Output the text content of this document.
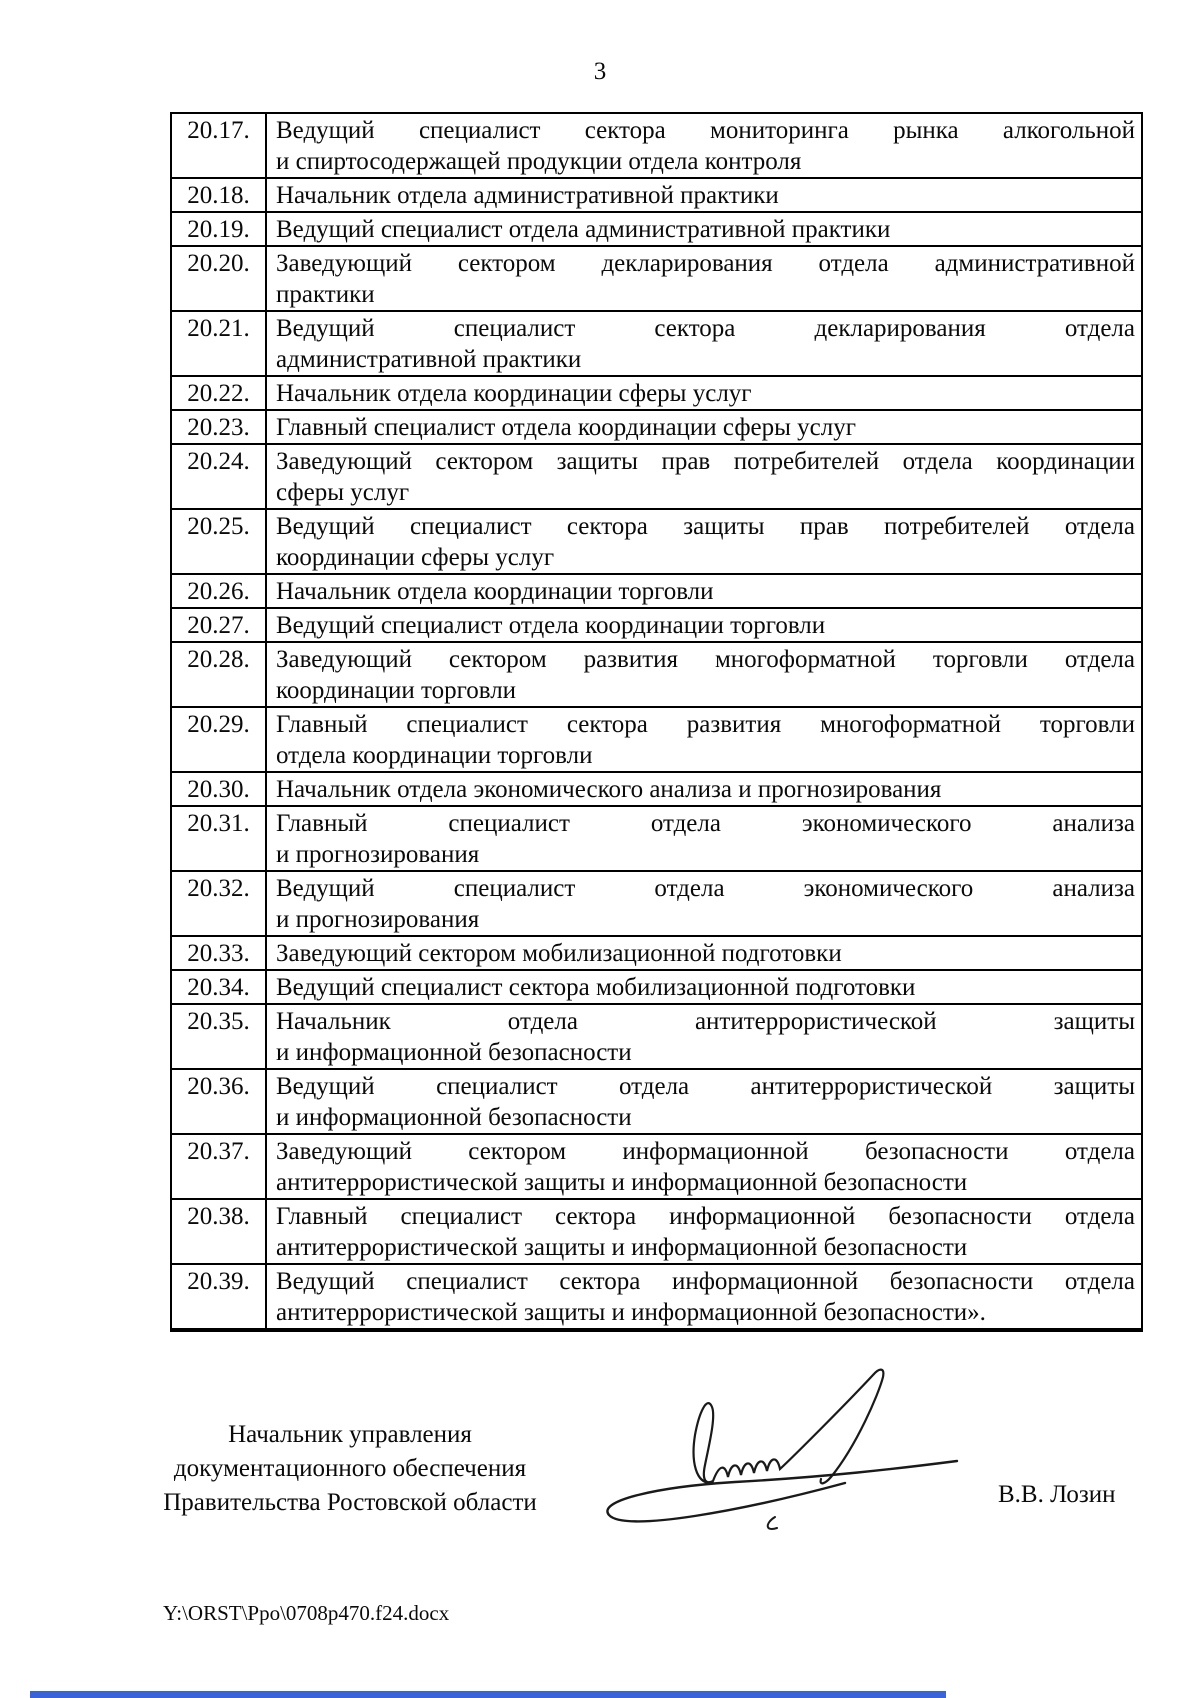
3
20.17.	Ведущий специалист сектора мониторинга рынка алкогольной
и спиртосодержащей продукции отдела контроля
20.18.	Начальник отдела административной практики
20.19.	Ведущий специалист отдела административной практики
20.20.	Заведующий сектором декларирования отдела административной
практики
20.21.	Ведущий специалист сектора декларирования отдела
административной практики
20.22.	Начальник отдела координации сферы услуг
20.23.	Главный специалист отдела координации сферы услуг
20.24.	Заведующий сектором защиты прав потребителей отдела координации
сферы услуг
20.25.	Ведущий специалист сектора защиты прав потребителей отдела
координации сферы услуг
20.26.	Начальник отдела координации торговли
20.27.	Ведущий специалист отдела координации торговли
20.28.	Заведующий сектором развития многоформатной торговли отдела
координации торговли
20.29.	Главный специалист сектора развития многоформатной торговли
отдела координации торговли
20.30.	Начальник отдела экономического анализа и прогнозирования
20.31.	Главный специалист отдела экономического анализа
и прогнозирования
20.32.	Ведущий специалист отдела экономического анализа
и прогнозирования
20.33.	Заведующий сектором мобилизационной подготовки
20.34.	Ведущий специалист сектора мобилизационной подготовки
20.35.	Начальник отдела антитеррористической защиты
и информационной безопасности
20.36.	Ведущий специалист отдела антитеррористической защиты
и информационной безопасности
20.37.	Заведующий сектором информационной безопасности отдела
антитеррористической защиты и информационной безопасности
20.38.	Главный специалист сектора информационной безопасности отдела
антитеррористической защиты и информационной безопасности
20.39.	Ведущий специалист сектора информационной безопасности отдела
антитеррористической защиты и информационной безопасности».
Начальник управления
документационного обеспечения
Правительства Ростовской области	В.В. Лозин
Y:\ORST\Ppo\0708p470.f24.docx
